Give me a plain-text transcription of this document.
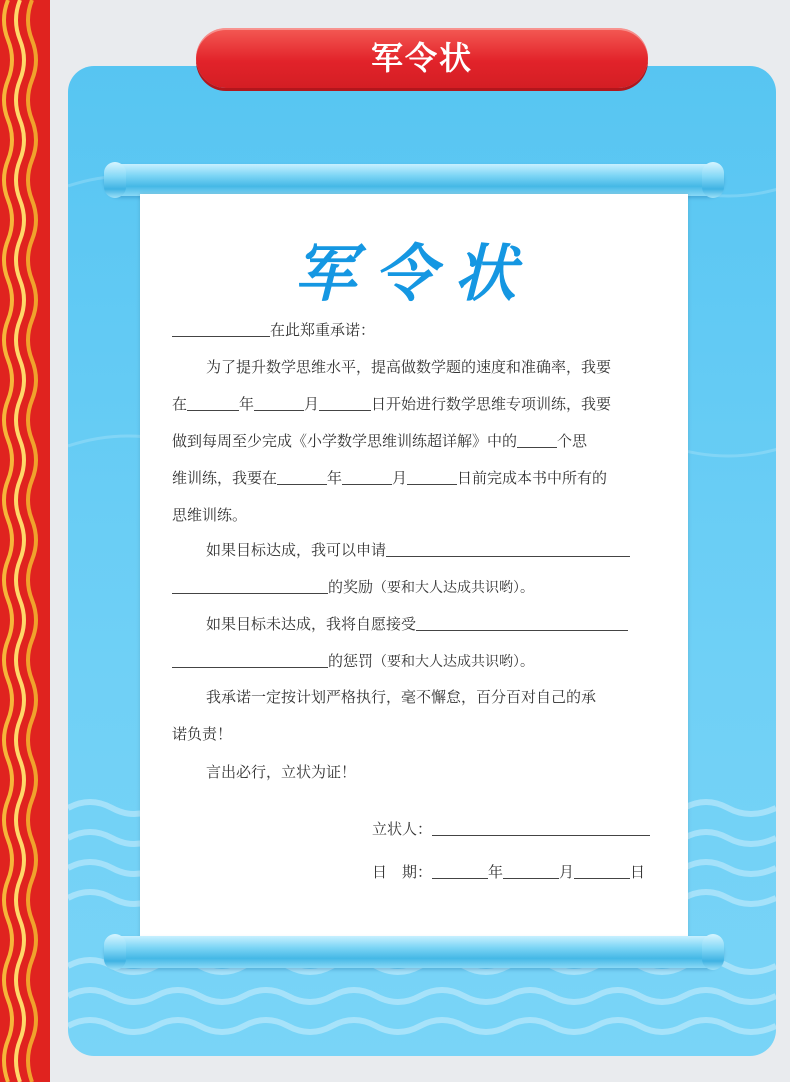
军令状
军令状
在此郑重承诺：
为了提升数学思维水平，提高做数学题的速度和准确率，我要
在	年	月	日开始进行数学思维专项训练，我要
做到每周至少完成《小学数学思维训练超详解》中的	个思
维训练，我要在	年	月	日前完成本书中所有的
思维训练。
如果目标达成，我可以申请
的奖励（要和大人达成共识哟）。
如果目标未达成，我将自愿接受
的惩罚（要和大人达成共识哟）。
我承诺一定按计划严格执行，毫不懈怠，百分百对自己的承
诺负责！
言出必行，立状为证！
立状人：
日　期：	年	月	日
